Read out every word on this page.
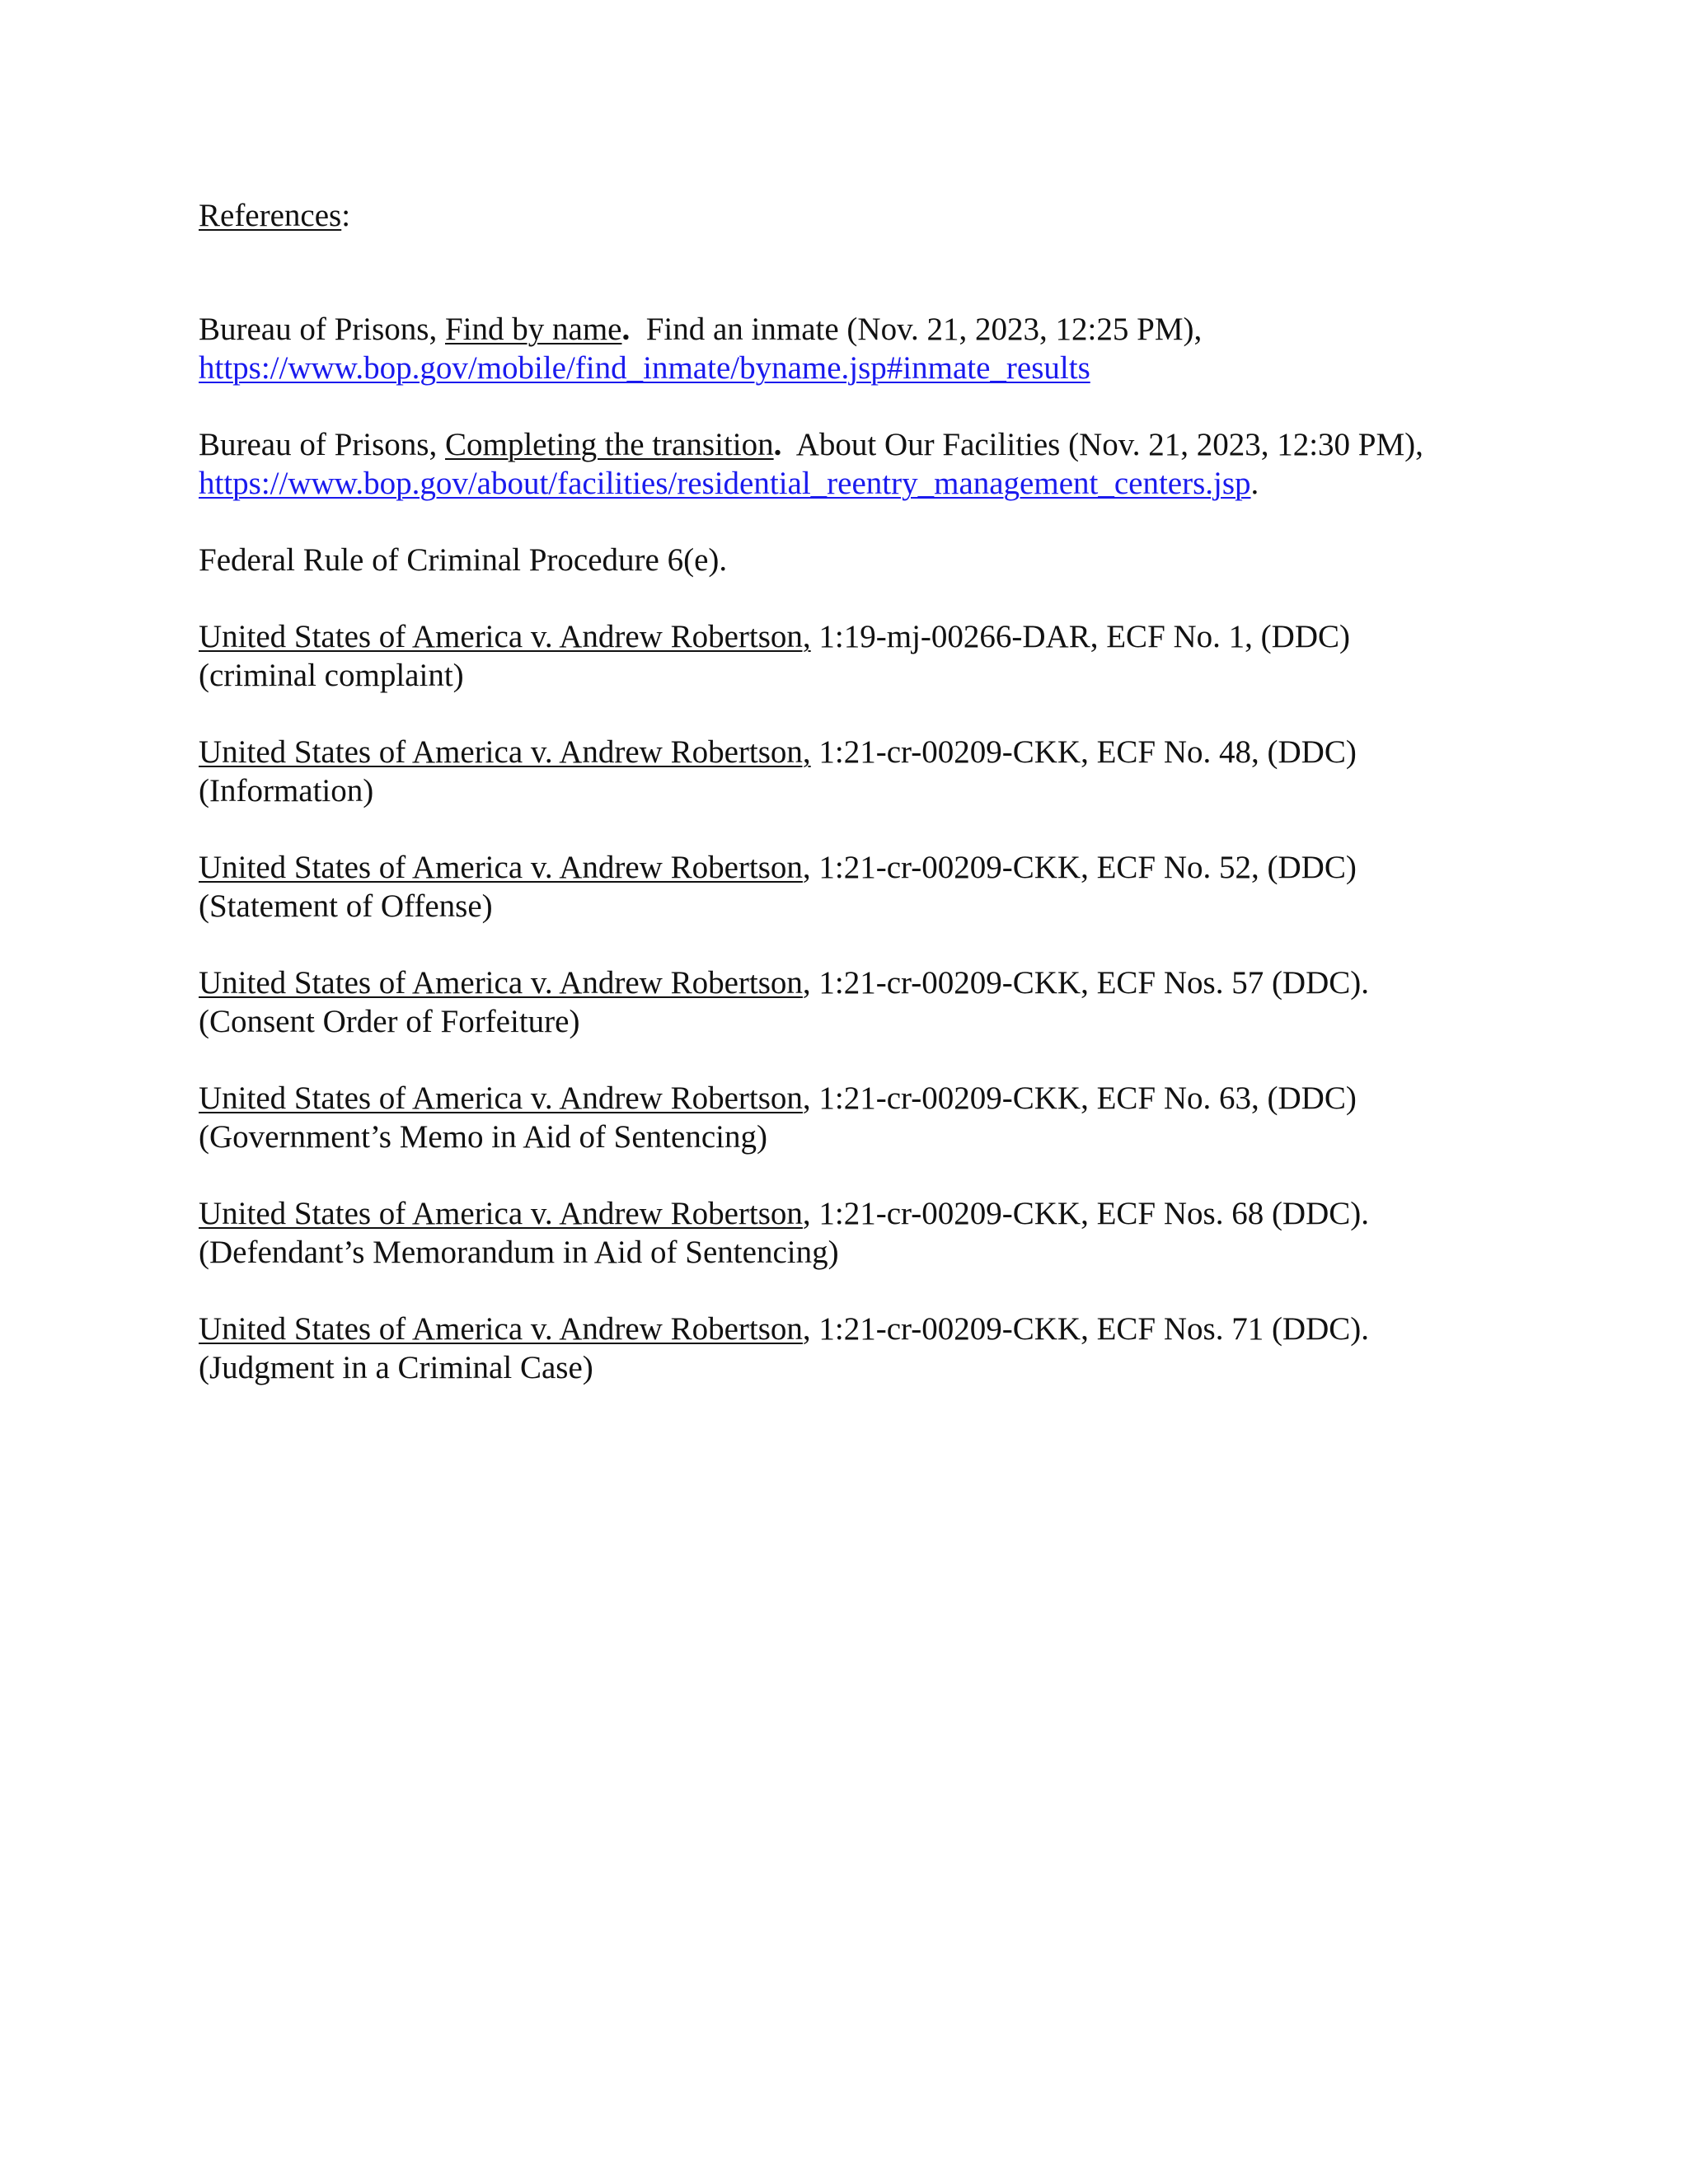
References:

Bureau of Prisons, Find by name.  Find an inmate (Nov. 21, 2023, 12:25 PM),
https://www.bop.gov/mobile/find_inmate/byname.jsp#inmate_results

Bureau of Prisons, Completing the transition.  About Our Facilities (Nov. 21, 2023, 12:30 PM),
https://www.bop.gov/about/facilities/residential_reentry_management_centers.jsp.

Federal Rule of Criminal Procedure 6(e).

United States of America v. Andrew Robertson, 1:19-mj-00266-DAR, ECF No. 1, (DDC)
(criminal complaint)

United States of America v. Andrew Robertson, 1:21-cr-00209-CKK, ECF No. 48, (DDC)
(Information)

United States of America v. Andrew Robertson, 1:21-cr-00209-CKK, ECF No. 52, (DDC)
(Statement of Offense)

United States of America v. Andrew Robertson, 1:21-cr-00209-CKK, ECF Nos. 57 (DDC).
(Consent Order of Forfeiture)

United States of America v. Andrew Robertson, 1:21-cr-00209-CKK, ECF No. 63, (DDC)
(Government’s Memo in Aid of Sentencing)

United States of America v. Andrew Robertson, 1:21-cr-00209-CKK, ECF Nos. 68 (DDC).
(Defendant’s Memorandum in Aid of Sentencing)

United States of America v. Andrew Robertson, 1:21-cr-00209-CKK, ECF Nos. 71 (DDC).
(Judgment in a Criminal Case)
